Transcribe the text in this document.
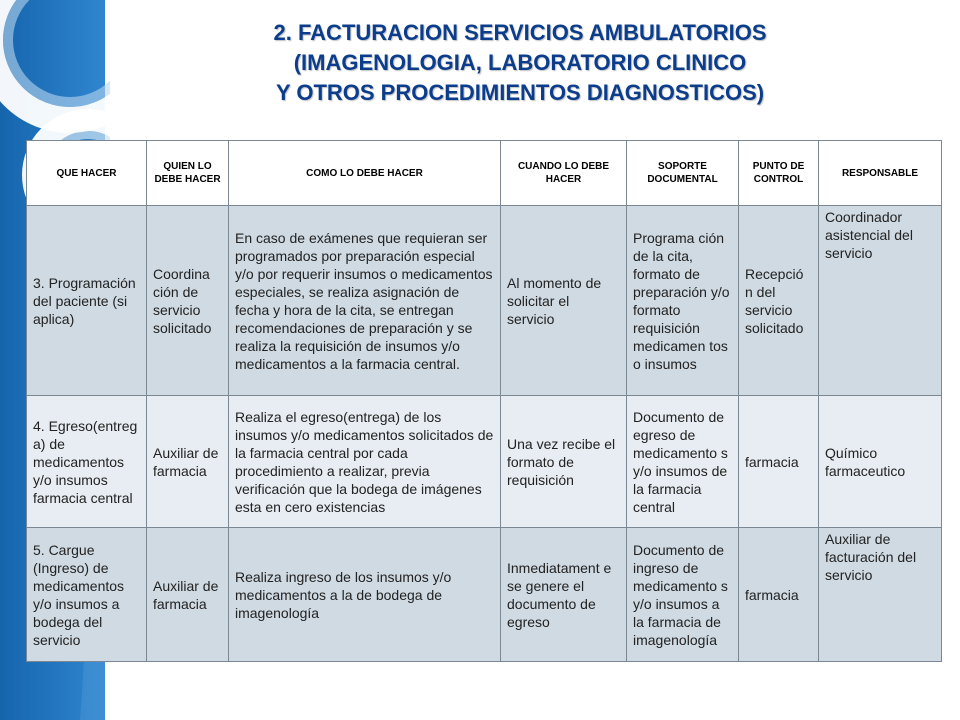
2. FACTURACION SERVICIOS AMBULATORIOS
(IMAGENOLOGIA, LABORATORIO CLINICO
Y OTROS PROCEDIMIENTOS DIAGNOSTICOS)
QUE HACER	QUIEN LO DEBE HACER	COMO LO DEBE HACER	CUANDO LO DEBE HACER	SOPORTE DOCUMENTAL	PUNTO DE CONTROL	RESPONSABLE
3. Programación del paciente (si aplica)	Coordina ción de servicio solicitado	En caso de exámenes que requieran ser programados por preparación especial y/o por requerir insumos o medicamentos especiales, se realiza asignación de fecha y hora de la cita, se entregan recomendaciones de preparación y se realiza la requisición de insumos y/o medicamentos a la farmacia central.	Al momento de solicitar el servicio	Programa ción de la cita, formato de preparación y/o formato requisición medicamen tos o insumos	Recepció n del servicio solicitado	Coordinador asistencial del servicio
4. Egreso(entreg a) de medicamentos y/o insumos farmacia central	Auxiliar de farmacia	Realiza el egreso(entrega) de los insumos y/o medicamentos solicitados de la farmacia central por cada procedimiento a realizar, previa verificación que la bodega de imágenes esta en cero existencias	Una vez recibe el formato de requisición	Documento de egreso de medicamento s y/o insumos de la farmacia central	farmacia	Químico farmaceutico
5. Cargue (Ingreso) de medicamentos y/o insumos a bodega del servicio	Auxiliar de farmacia	Realiza ingreso de los insumos y/o medicamentos a la de bodega de imagenología	Inmediatament e se genere el documento de egreso	Documento de ingreso de medicamento s y/o insumos a la farmacia de imagenología	farmacia	Auxiliar de facturación del servicio
